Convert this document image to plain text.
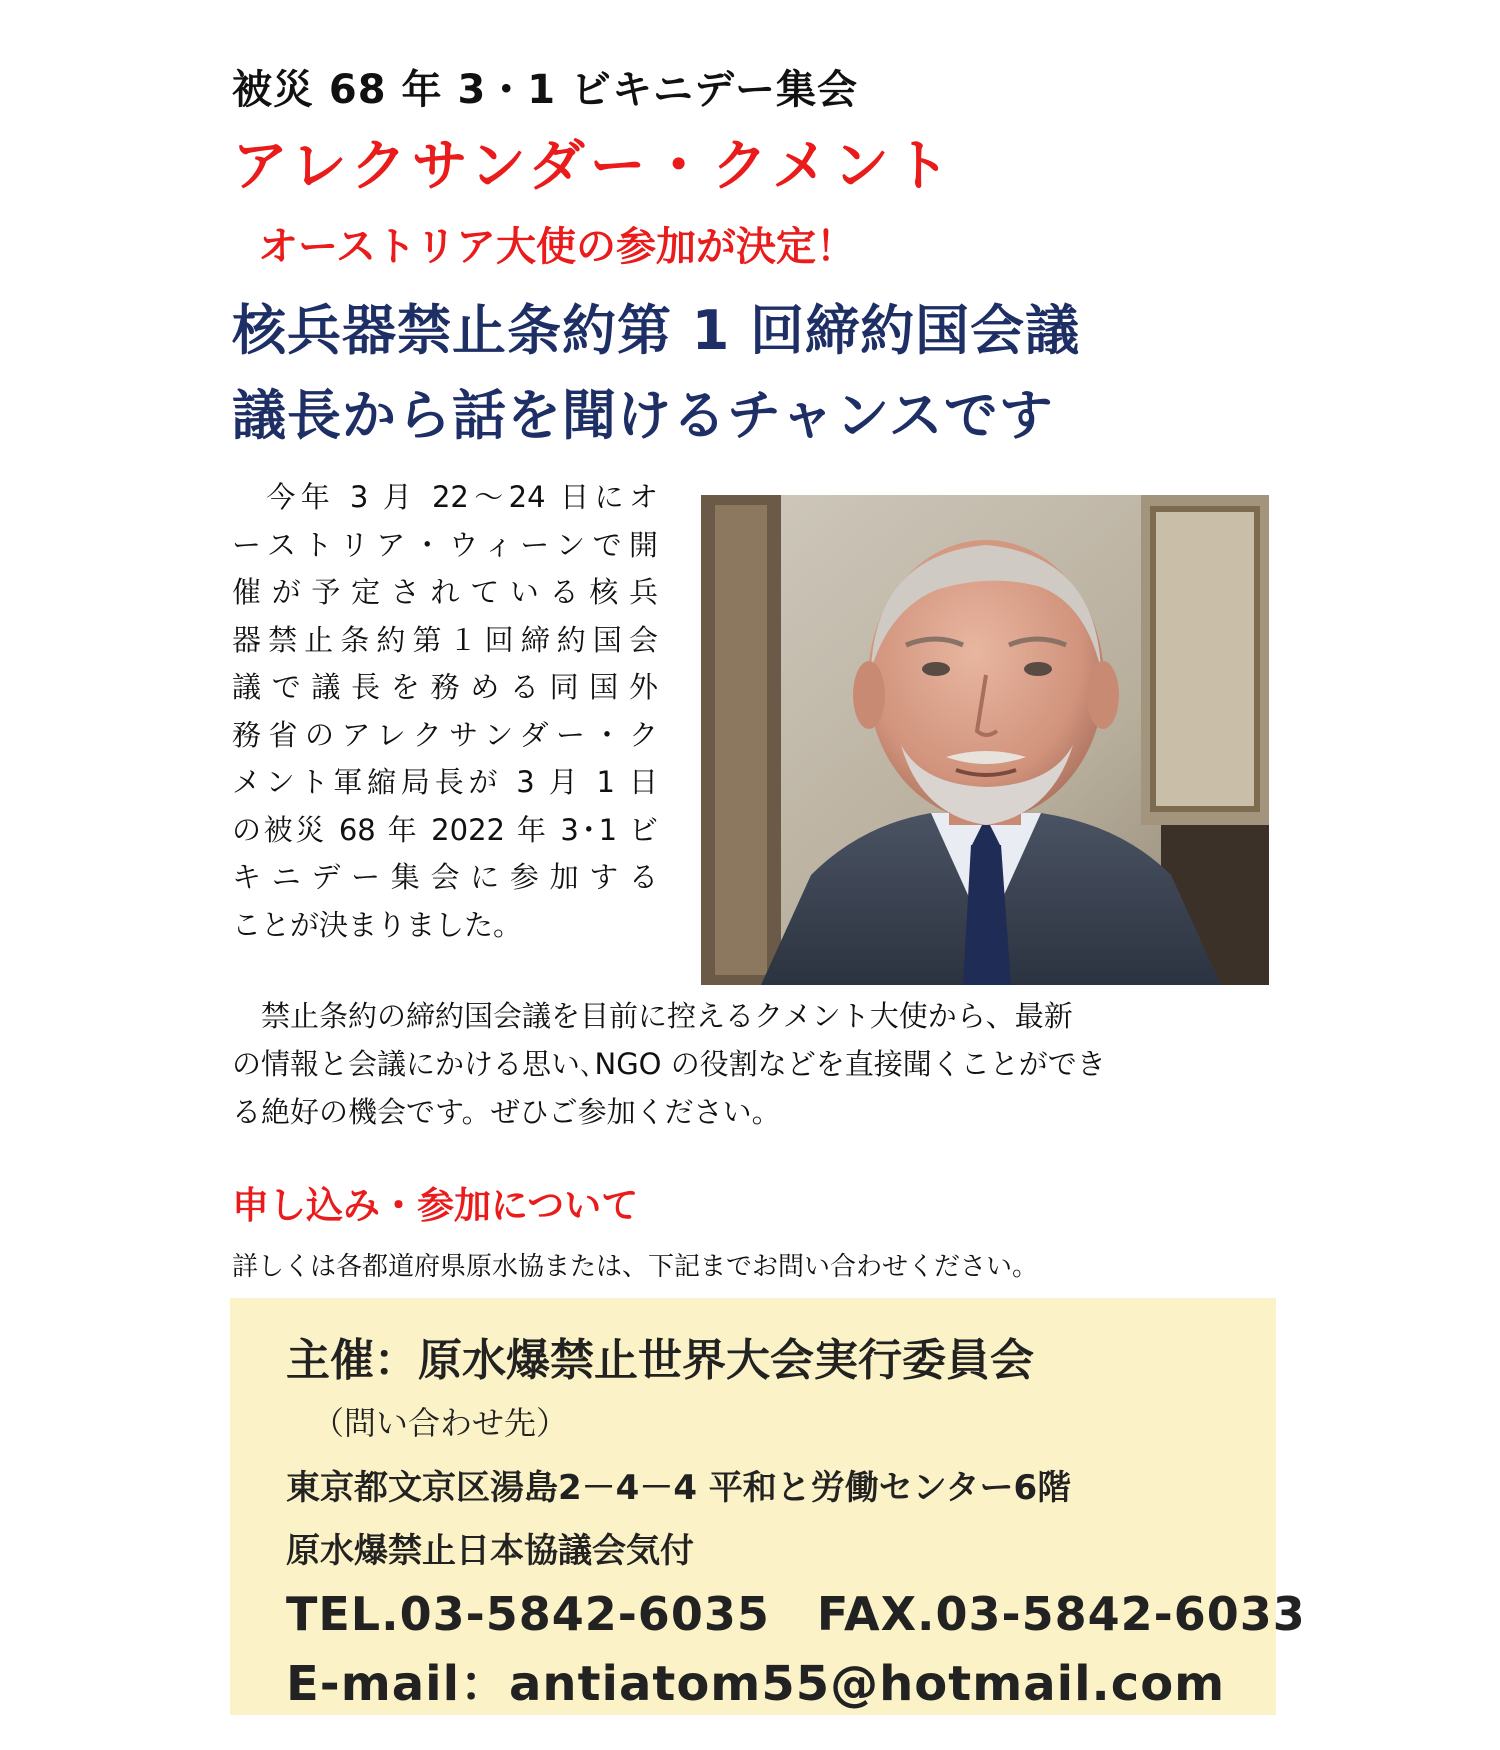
被災 68 年 3・1 ビキニデー集会
アレクサンダー・クメント
オーストリア大使の参加が決定！
核兵器禁止条約第 1 回締約国会議
議長から話を聞けるチャンスです
　今年 3 月 22〜24 日にオ
ーストリア・ウィーンで開
催が予定されている核兵
器禁止条約第１回締約国会
議で議長を務める同国外
務省のアレクサンダー・ク
メント軍縮局長が 3 月 1 日
の被災 68 年 2022 年 3･1 ビ
キニデー集会に参加する
ことが決まりました。
　禁止条約の締約国会議を目前に控えるクメント大使から、最新
の情報と会議にかける思い､NGO の役割などを直接聞くことができ
る絶好の機会です。ぜひご参加ください。
申し込み・参加について
詳しくは各都道府県原水協または、下記までお問い合わせください。
主催：原水爆禁止世界大会実行委員会
（問い合わせ先）
東京都文京区湯島2－4－4 平和と労働センター6階
原水爆禁止日本協議会気付
TEL.03-5842-6035　FAX.03-5842-6033
E-mail：antiatom55@hotmail.com
